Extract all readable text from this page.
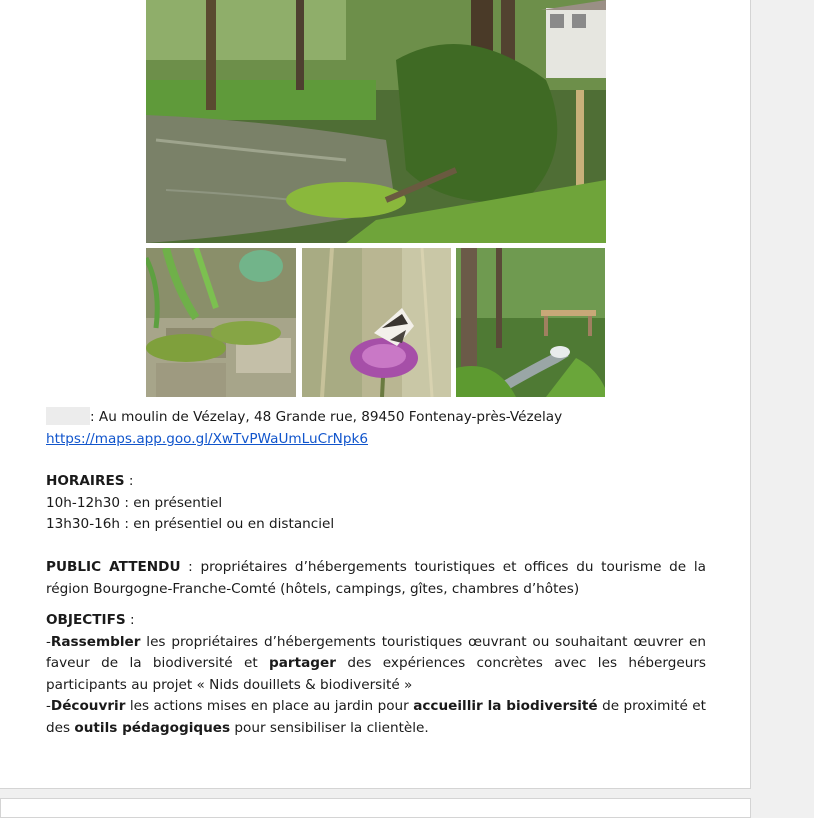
: Au moulin de Vézelay, 48 Grande rue, 89450 Fontenay-près-Vézelay

https://maps.app.goo.gl/XwTvPWaUmLuCrNpk6

HORAIRES :

10h-12h30 : en présentiel

13h30-16h : en présentiel ou en distanciel

PUBLIC ATTENDU : propriétaires d’hébergements touristiques et offices du tourisme de la région Bourgogne-Franche-Comté (hôtels, campings, gîtes, chambres d’hôtes)

OBJECTIFS :

-Rassembler les propriétaires d’hébergements touristiques œuvrant ou souhaitant œuvrer en faveur de la biodiversité et partager des expériences concrètes avec les hébergeurs participants au projet « Nids douillets & biodiversité »

-Découvrir les actions mises en place au jardin pour accueillir la biodiversité de proximité et des outils pédagogiques pour sensibiliser la clientèle.
